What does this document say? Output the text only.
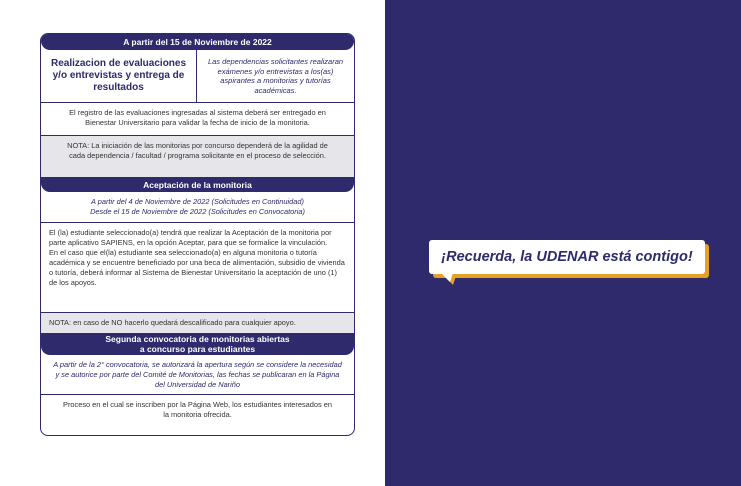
A partir del 15 de Noviembre de 2022
Realizacion de evaluaciones y/o entrevistas y entrega de resultados
Las dependencias solicitantes realizaran exámenes y/o entrevistas a los(as) aspirantes a monitorias y tutorías académicas.
El registro de las evaluaciones ingresadas al sistema deberá ser entregado en Bienestar Universitario para validar la fecha de inicio de la monitoria.
NOTA: La iniciación de las monitorias por concurso dependerá de la agilidad de cada dependencia / facultad / programa solicitante en el proceso de selección.
Aceptación de la monitoria
A partir del 4 de Noviembre de 2022 (Solicitudes en Continuidad)
Desde el 15 de Noviembre de 2022 (Solicitudes en Convocatoria)
El (la) estudiante seleccionado(a) tendrá que realizar la Aceptación de la monitoria por parte aplicativo SAPIENS, en la opción Aceptar, para que se formalice la vinculación.
En el caso que el(la) estudiante sea seleccionado(a) en alguna monitoria o tutoría académica y se encuentre beneficiado por una beca de alimentación, subsidio de vivienda o tutoría, deberá informar al Sistema de Bienestar Universitario la aceptación de uno (1) de los apoyos.
NOTA: en caso de NO hacerlo quedará descalificado para cualquier apoyo.
Segunda convocatoria de monitorias abiertas
a concurso para estudiantes
A partir de la 2° convocatoria, se autorizará la apertura según se considere la necesidad y se autorice por parte del Comité de Monitorias, las fechas se publicaran en la Página del Universidad de Nariño
Proceso en el cual se inscriben por la Página Web, los estudiantes interesados en la monitoria ofrecida.
¡Recuerda, la UDENAR está contigo!
